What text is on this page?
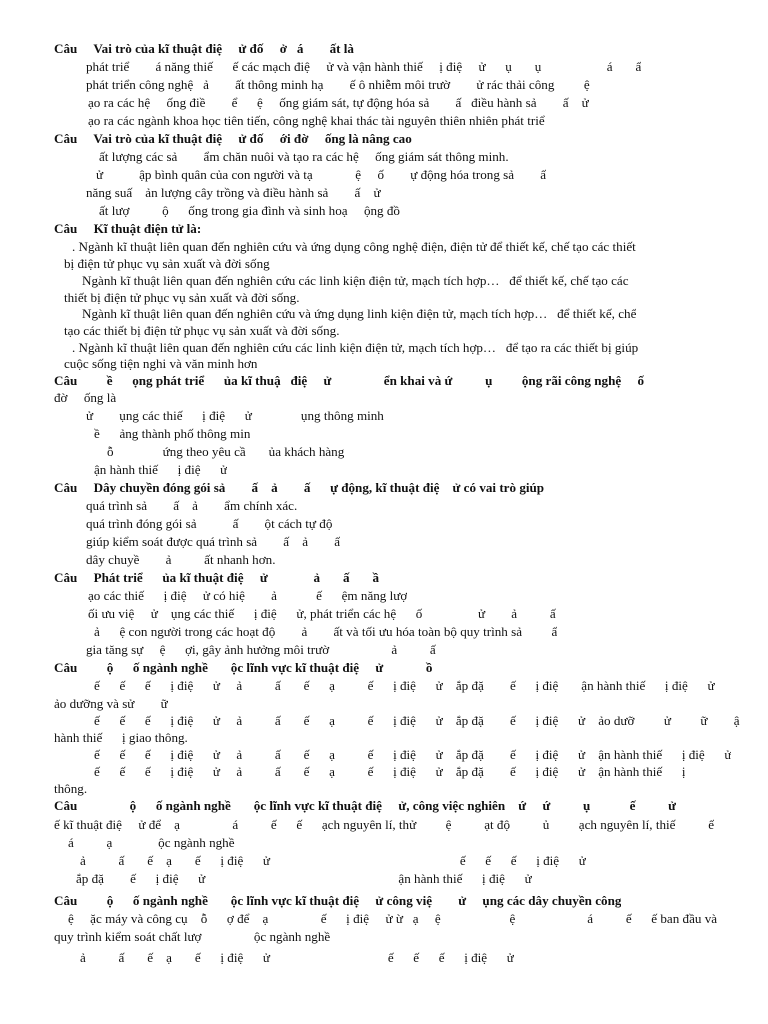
Câu     Vai trò của kĩ thuật điệ     ử đố     ở   á        ất là
phát triể        á năng thiế      ế các mạch điệ     ử và vận hành thiế     ị điệ     ử      ụ       ụ                    á       ấ
phát triển công nghệ   ả        ất thông minh hạ        ế ô nhiễm môi trườ        ử rác thải công         ệ
ạo ra các hệ     ống điề        ể      ệ     ống giám sát, tự động hóa sả        ấ   điều hành sả        ấ    ử
ạo ra các ngành khoa học tiên tiến, công nghệ khai thác tài nguyên thiên nhiên phát triể
Câu     Vai trò của kĩ thuật điệ     ử đố     ới đờ     ống là nâng cao
ất lượng các sả        ẩm chăn nuôi và tạo ra các hệ     ống giám sát thông minh.
ử           ập bình quân của con người và tạ             ệ     ố        ự động hóa trong sả        ấ
năng suấ    ản lượng cây trồng và điều hành sả        ấ    ử
ất lượ          ộ      ống trong gia đình và sinh hoạ     ộng đồ
Câu     Kĩ thuật điện tử là:
. Ngành kĩ thuật liên quan đến nghiên cứu và ứng dụng công nghệ điện, điện tử để thiết kế, chế tạo các thiết
bị điện tử phục vụ sản xuất và đời sống
Ngành kĩ thuật liên quan đến nghiên cứu các linh kiện điện tử, mạch tích hợp…   để thiết kế, chế tạo các
thiết bị điện tử phục vụ sản xuất và đời sống.
Ngành kĩ thuật liên quan đến nghiên cứu và ứng dụng linh kiện điện tử, mạch tích hợp…   để thiết kế, chế
tạo các thiết bị điện tử phục vụ sản xuất và đời sống.
. Ngành kĩ thuật liên quan đến nghiên cứu các linh kiện điện tử, mạch tích hợp…   để tạo ra các thiết bị giúp
cuộc sống tiện nghi và văn minh hơn
Câu         ề      ọng phát triể      ủa kĩ thuậ   điệ     ử                ển khai và ứ          ụ         ộng rãi công nghệ     ố
đờ     ống là
ử        ụng các thiế      ị điệ      ử               ụng thông minh
ề      ảng thành phố thông min
ỗ               ứng theo yêu cầ       ủa khách hàng
ận hành thiế      ị điệ      ử
Câu     Dây chuyền đóng gói sả        ấ    ả        ấ      ự động, kĩ thuật điệ    ử có vai trò giúp
quá trình sả        ấ    ả        ẩm chính xác.
quá trình đóng gói sả           ấ        ột cách tự độ
giúp kiểm soát được quá trình sả        ấ    ả        ấ
dây chuyề        ả          ất nhanh hơn.
Câu     Phát triể      ủa kĩ thuật điệ     ử              ả       ấ       ầ
ạo các thiế      ị điệ     ử có hiệ        ả            ế      ệm năng lượ
ối ưu việ     ử    ụng các thiế      ị điệ      ử, phát triển các hệ      ố                 ử        ả          ấ
ả      ệ con người trong các hoạt độ        ả        ất và tối ưu hóa toàn bộ quy trình sả         ấ
gia tăng sự     ệ      ợi, gây ảnh hưởng môi trườ                   ả          ấ
Câu         ộ      ố ngành nghề       ộc lĩnh vực kĩ thuật điệ     ử             ồ
ế      ế      ế      ị điệ      ử     ả          ấ       ế      ạ          ế      ị điệ      ử    ắp đặ        ế      ị điệ       ận hành thiế      ị điệ      ử
ảo dưỡng và sử        ữ
ế      ế      ế      ị điệ      ử     ả          ấ       ế      ạ          ế      ị điệ      ử    ắp đặ        ế      ị điệ      ử    ảo dưỡ         ử         ữ        ậ
hành thiế      ị giao thông.
ế      ế      ế      ị điệ      ử     ả          ấ       ế      ạ          ế      ị điệ      ử    ắp đặ        ế      ị điệ      ử    ận hành thiế      ị điệ      ử
ế      ế      ế      ị điệ      ử     ả          ấ       ế      ạ          ế      ị điệ      ử    ắp đặ        ế      ị điệ      ử    ận hành thiế      ị
thông.
Câu                ộ      ố ngành nghề       ộc lĩnh vực kĩ thuật điệ     ử, công việc nghiên    ứ     ứ          ụ            ế          ử
ế kĩ thuật điệ     ử để    ạ                á          ế      ế      ạch nguyên lí, thử         ệ          ạt độ          ủ         ạch nguyên lí, thiế          ế
á          ạ              ộc ngành nghề
ả          ấ       ế    ạ       ế      ị điệ      ử                                                          ế      ế      ế      ị điệ      ử
ắp đặ        ế      ị điệ      ử                                                           ận hành thiế      ị điệ      ử
Câu         ộ      ố ngành nghề       ộc lĩnh vực kĩ thuật điệ     ử công việ        ử     ụng các dây chuyền công
ệ     ặc máy và công cụ    ỗ      ợ để    ạ                ế      ị điệ     ử ừ   ạ     ệ                     ệ                      á          ế      ế ban đầu và
quy trình kiểm soát chất lượ                ộc ngành nghề
ả          ấ       ế    ạ       ế      ị điệ      ử                                    ế      ế      ế      ị điệ      ử
